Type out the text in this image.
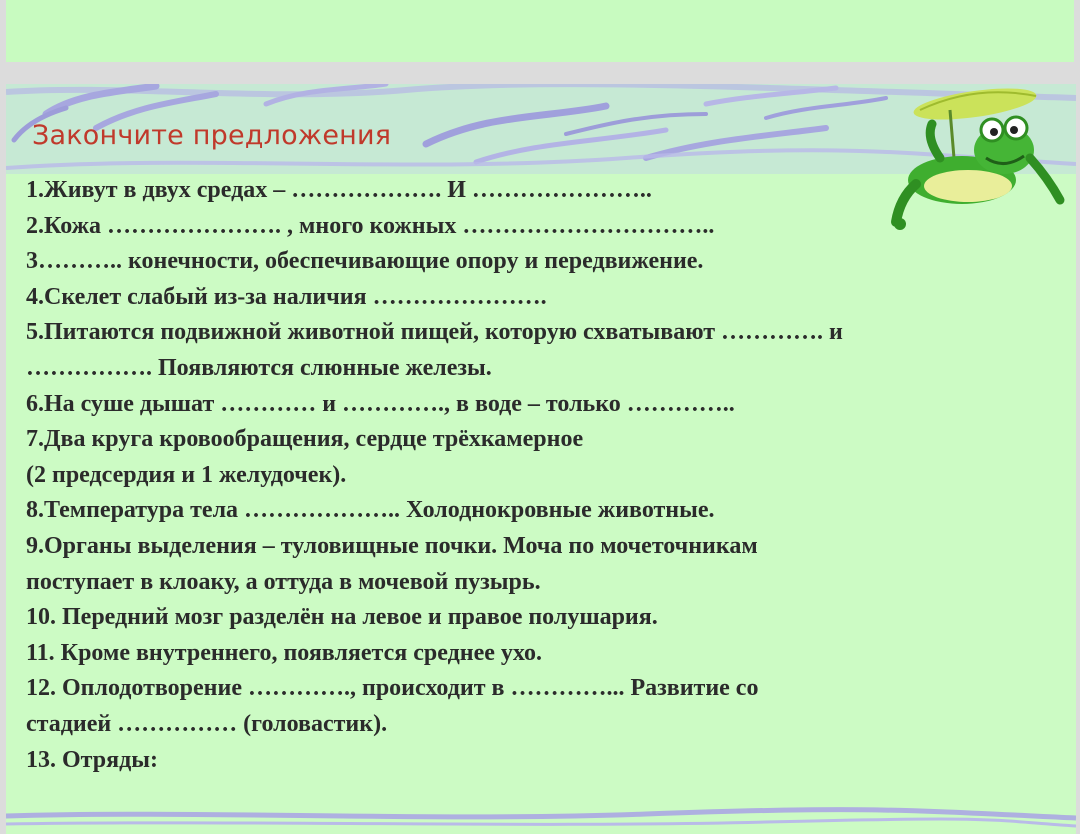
Закончите предложения
1.Живут в двух средах – ………………. И …………………..
2.Кожа …………………. , много кожных …………………………..
3……….. конечности, обеспечивающие опору и передвижение.
4.Скелет слабый из-за наличия ………………….
5.Питаются подвижной животной пищей, которую схватывают …………. и
……………. Появляются слюнные железы.
6.На суше дышат ………… и …………., в воде – только …………..
7.Два круга кровообращения, сердце трёхкамерное
(2 предсердия и 1 желудочек).
8.Температура тела ……………….. Холоднокровные животные.
9.Органы выделения – туловищные почки. Моча по мочеточникам
поступает в клоаку, а оттуда в мочевой пузырь.
10. Передний мозг разделён на левое и правое полушария.
11. Кроме внутреннего, появляется среднее ухо.
12. Оплодотворение …………., происходит в …………... Развитие со
стадией …………… (головастик).
13. Отряды:
